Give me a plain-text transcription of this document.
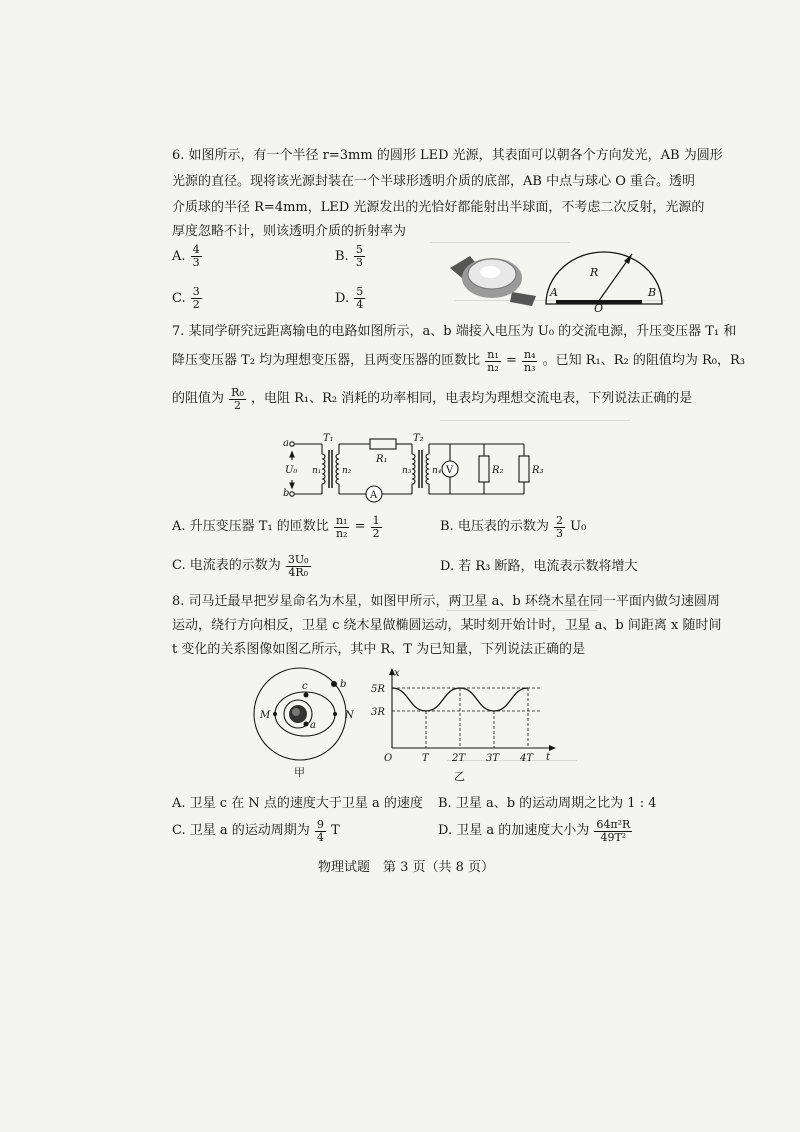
6. 如图所示，有一个半径 r=3mm 的圆形 LED 光源，其表面可以朝各个方向发光，AB 为圆形
光源的直径。现将该光源封装在一个半球形透明介质的底部，AB 中点与球心 O 重合。透明
介质球的半径 R=4mm，LED 光源发出的光恰好都能射出半球面，不考虑二次反射，光源的
厚度忽略不计，则该透明介质的折射率为
A. $\frac{4}{3}$	B. $\frac{5}{3}$
C. $\frac{3}{2}$	D. $\frac{5}{4}$
R
A
O
B
7. 某同学研究远距离输电的电路如图所示，a、b 端接入电压为 U₀ 的交流电源，升压变压器 T₁ 和
降压变压器 T₂ 均为理想变压器，且两变压器的匝数比 $\frac{\text{n₁}}{\text{n₂}} = \frac{\text{n₄}}{\text{n₃}}$ 。已知 R₁、R₂ 的阻值均为 R₀，R₃
的阻值为 $\frac{\text{R₀}}{2}$ ，电阻 R₁、R₂ 消耗的功率相同，电表均为理想交流电表，下列说法正确的是
a
b
U₀
T₁
n₁ n₂
R₁
A
T₂
n₃ n₄ V	R₂	R₃
A. 升压变压器 T₁ 的匝数比 $\frac{\text{n₁}}{\text{n₂}} = \frac{1}{2}$	B. 电压表的示数为 $\frac{2}{3} U_0$
C. 电流表的示数为 $\frac{\text{3U₀}}{\text{4R₀}}$	D. 若 R₃ 断路，电流表示数将增大
8. 司马迁最早把岁星命名为木星，如图甲所示，两卫星 a、b 环绕木星在同一平面内做匀速圆周
运动，绕行方向相反，卫星 c 绕木星做椭圆运动，某时刻开始计时，卫星 a、b 间距离 x 随时间
t 变化的关系图像如图乙所示，其中 R、T 为已知量，下列说法正确的是
c	b
M	N
a
甲
x
t
5R
3R
O	T 2T 3T 4T
乙
A. 卫星 c 在 N 点的速度大于卫星 a 的速度 B. 卫星 a、b 的运动周期之比为 1 : 4
C. 卫星 a 的运动周期为 $\frac{9}{4}$ T	D. 卫星 a 的加速度大小为 $\frac{\text{64π²R}}{\text{49T²}}$
物理试题　第 3 页（共 8 页）
